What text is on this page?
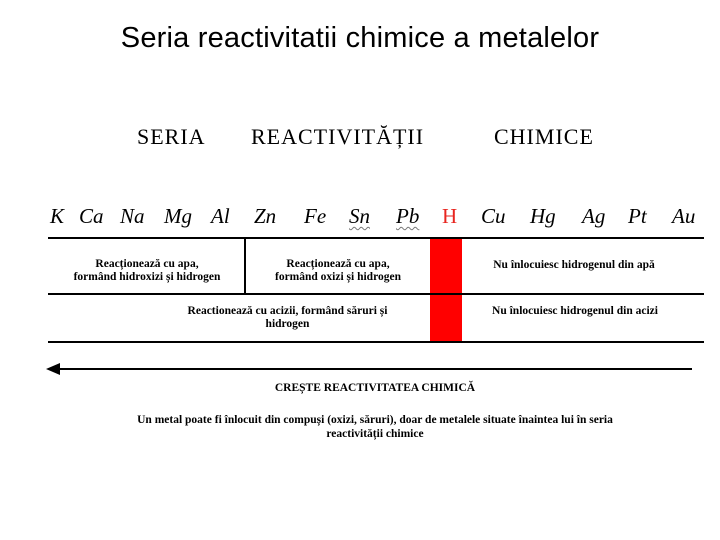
Seria reactivitatii chimice a metalelor
SERIA REACTIVITĂȚII	CHIMICE
K Ca Na Mg Al Zn Fe Sn Pb H Cu Hg Ag Pt Au
Reacționează cu apa,
formând hidroxizi și hidrogen
Reacționează cu apa,
formând oxizi și hidrogen
Nu înlocuiesc hidrogenul din apă
Reactionează cu acizii, formând săruri și
hidrogen
Nu înlocuiesc hidrogenul din acizi
CREȘTE REACTIVITATEA CHIMICĂ
Un metal poate fi înlocuit din compuși (oxizi, săruri), doar de metalele situate înaintea lui în seria
reactivității chimice
